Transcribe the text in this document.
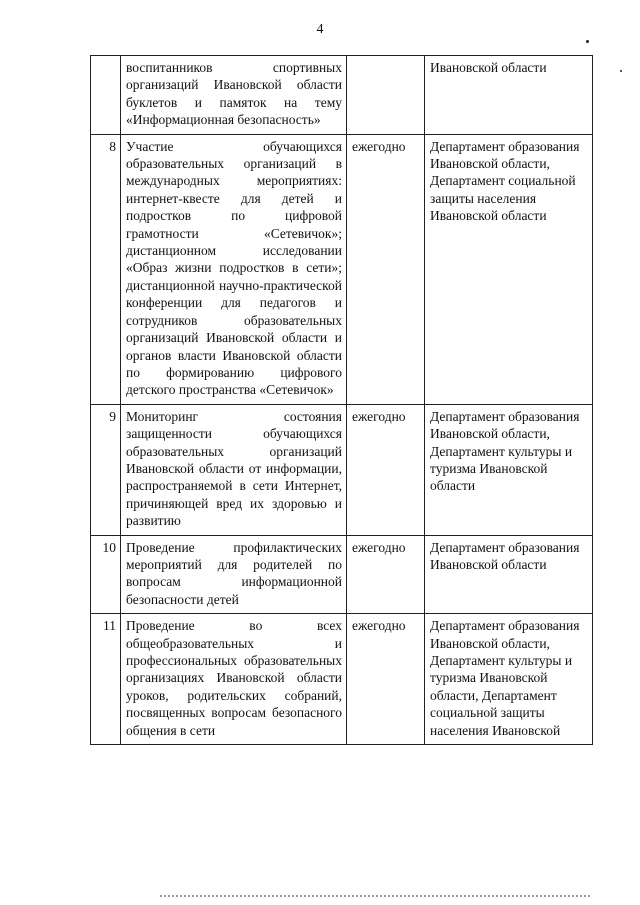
4
	воспитанников спортивных организаций Ивановской области буклетов и памяток на тему «Информационная безопасность»		Ивановской области
8	Участие обучающихся образовательных организаций в международных мероприятиях: интернет-квесте для детей и подростков по цифровой грамотности «Сетевичок»; дистанционном исследовании «Образ жизни подростков в сети»; дистанционной научно-практической конференции для педагогов и сотрудников образовательных организаций Ивановской области и органов власти Ивановской области по формированию цифрового детского пространства «Сетевичок»	ежегодно	Департамент образования Ивановской области, Департамент социальной защиты населения Ивановской области
9	Мониторинг состояния защищенности обучающихся образовательных организаций Ивановской области от информации, распространяемой в сети Интернет, причиняющей вред их здоровью и развитию	ежегодно	Департамент образования Ивановской области, Департамент культуры и туризма Ивановской области
10	Проведение профилактических мероприятий для родителей по вопросам информационной безопасности детей	ежегодно	Департамент образования Ивановской области
11	Проведение во всех общеобразовательных и профессиональных образовательных организациях Ивановской области уроков, родительских собраний, посвященных вопросам безопасного общения в сети	ежегодно	Департамент образования Ивановской области, Департамент культуры и туризма Ивановской области, Департамент социальной защиты населения Ивановской
